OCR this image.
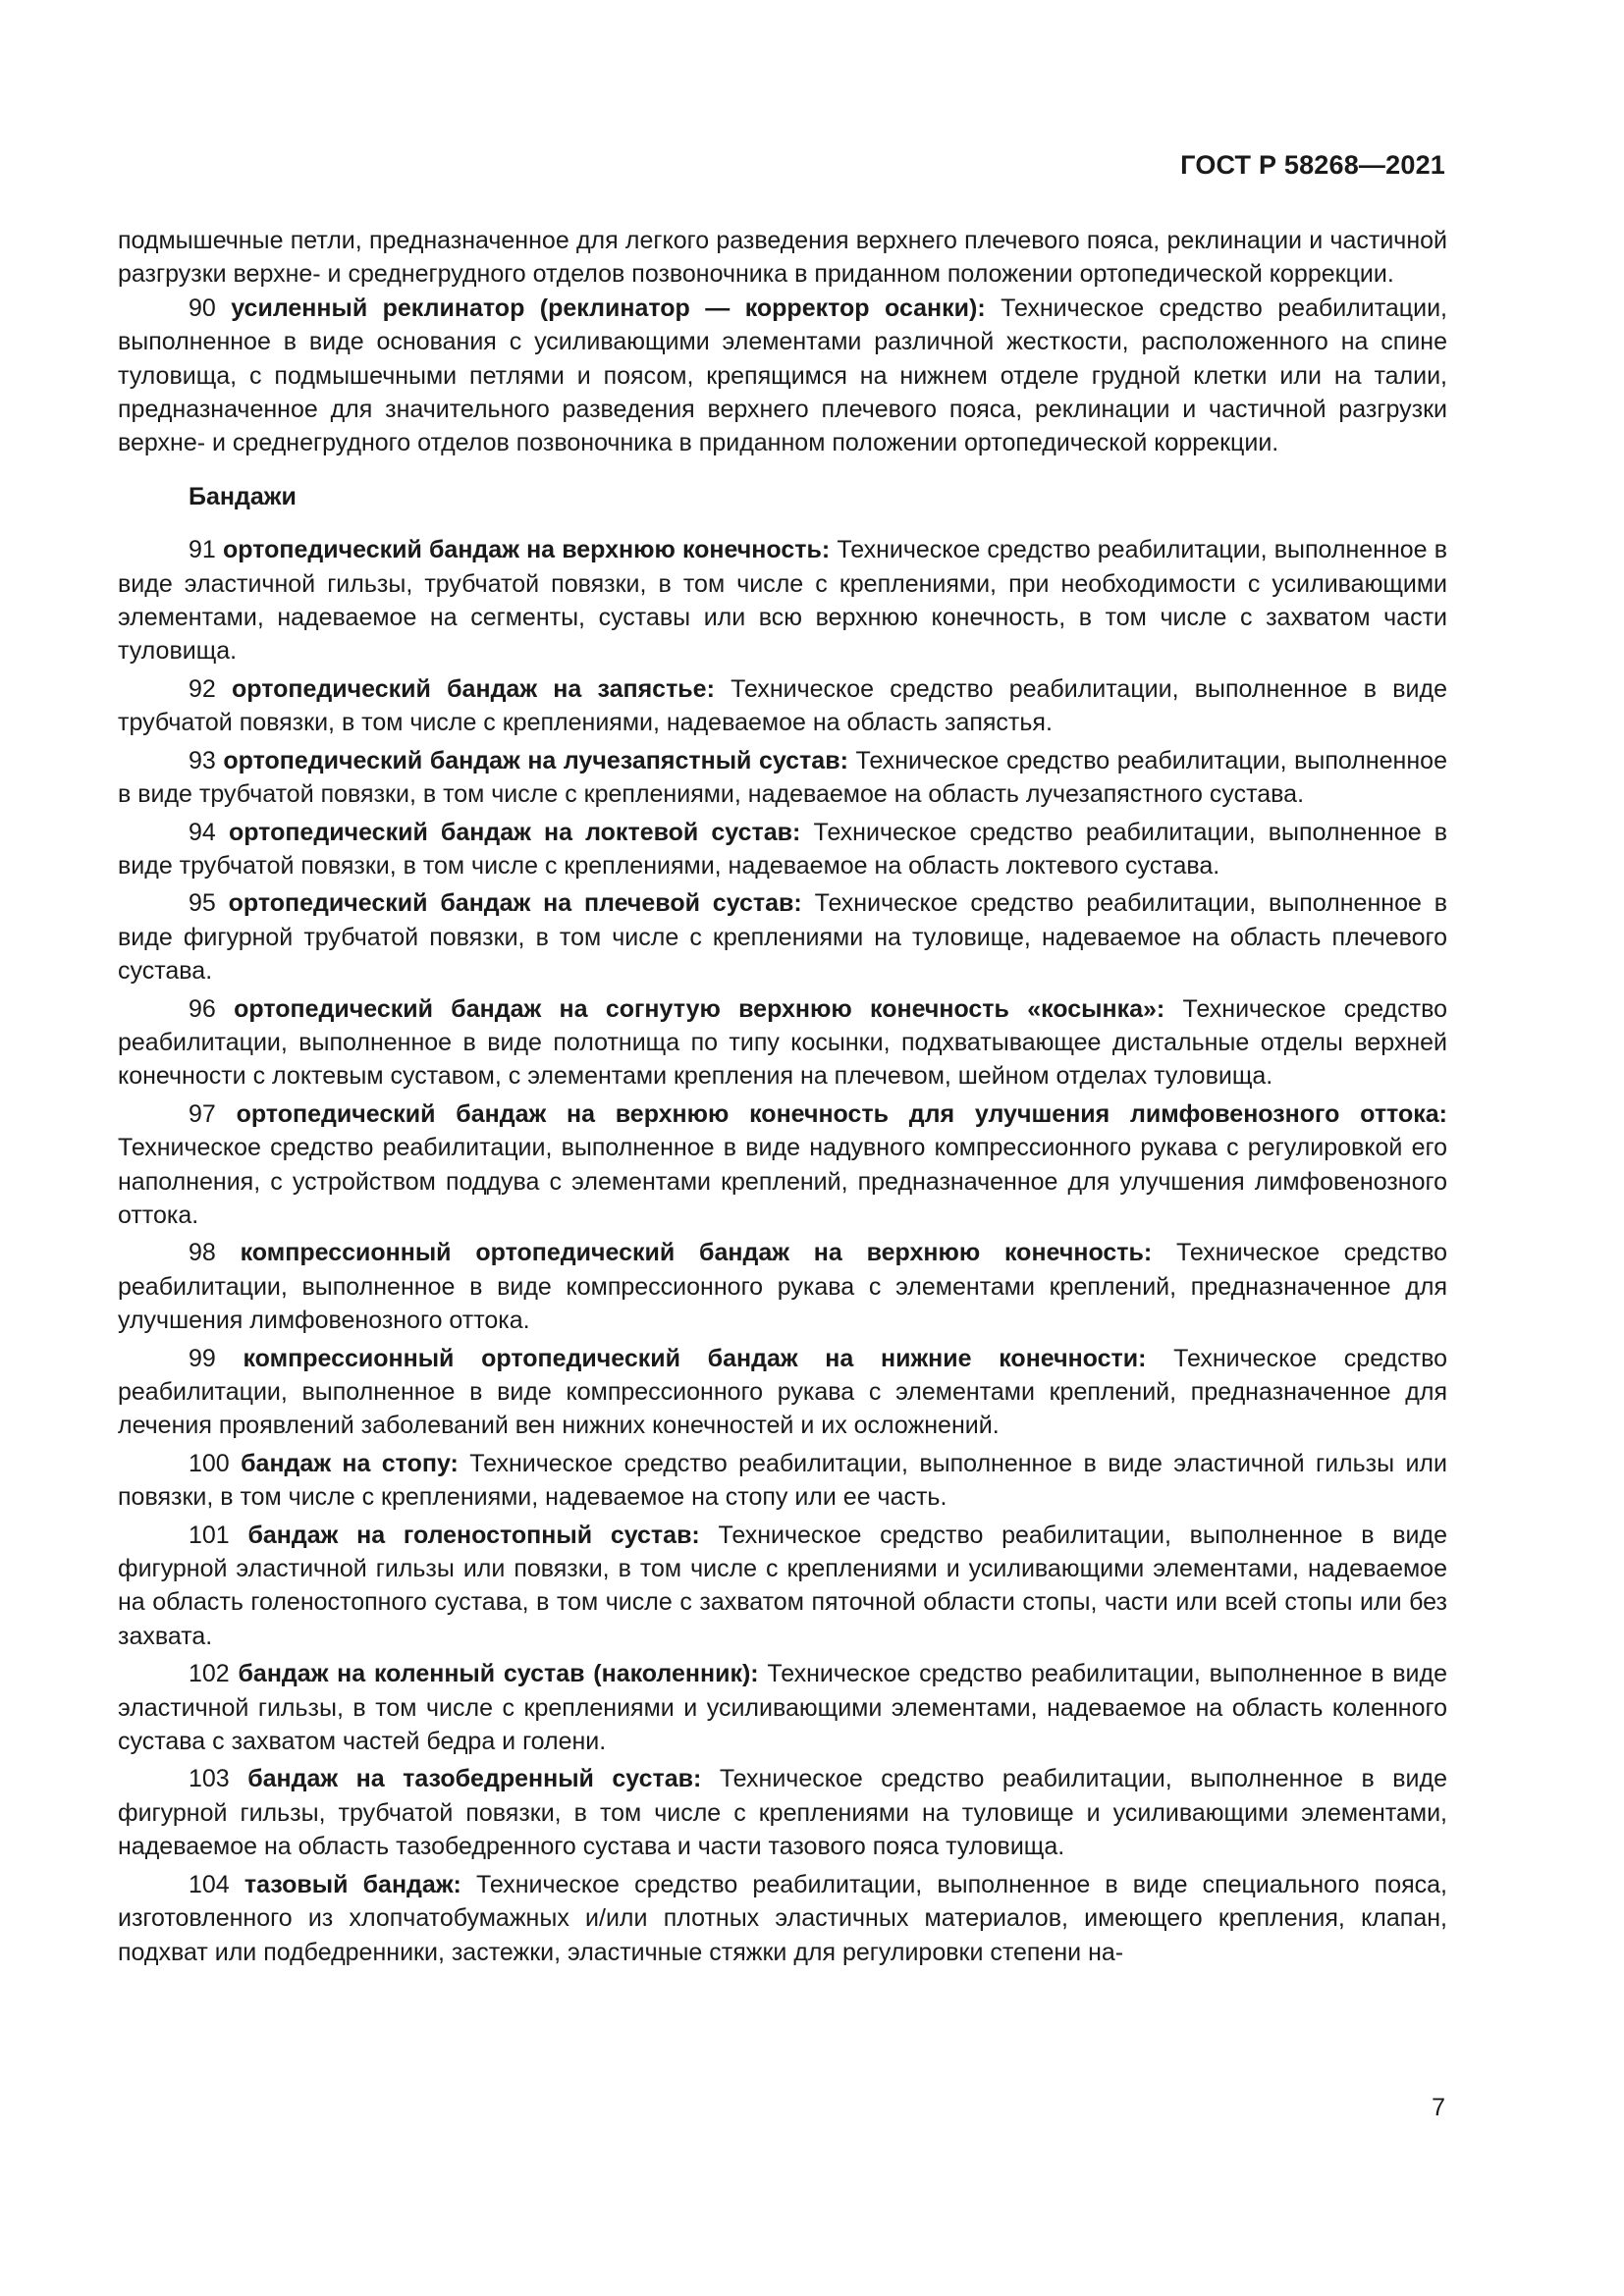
ГОСТ Р 58268—2021

подмышечные петли, предназначенное для легкого разведения верхнего плечевого пояса, реклинации и частичной разгрузки верхне- и среднегрудного отделов позвоночника в приданном положении ортопедической коррекции.

90 усиленный реклинатор (реклинатор — корректор осанки): Техническое средство реабилитации, выполненное в виде основания с усиливающими элементами различной жесткости, расположенного на спине туловища, с подмышечными петлями и поясом, крепящимся на нижнем отделе грудной клетки или на талии, предназначенное для значительного разведения верхнего плечевого пояса, реклинации и частичной разгрузки верхне- и среднегрудного отделов позвоночника в приданном положении ортопедической коррекции.

Бандажи

91 ортопедический бандаж на верхнюю конечность: Техническое средство реабилитации, выполненное в виде эластичной гильзы, трубчатой повязки, в том числе с креплениями, при необходимости с усиливающими элементами, надеваемое на сегменты, суставы или всю верхнюю конечность, в том числе с захватом части туловища.

92 ортопедический бандаж на запястье: Техническое средство реабилитации, выполненное в виде трубчатой повязки, в том числе с креплениями, надеваемое на область запястья.

93 ортопедический бандаж на лучезапястный сустав: Техническое средство реабилитации, выполненное в виде трубчатой повязки, в том числе с креплениями, надеваемое на область лучезапястного сустава.

94 ортопедический бандаж на локтевой сустав: Техническое средство реабилитации, выполненное в виде трубчатой повязки, в том числе с креплениями, надеваемое на область локтевого сустава.

95 ортопедический бандаж на плечевой сустав: Техническое средство реабилитации, выполненное в виде фигурной трубчатой повязки, в том числе с креплениями на туловище, надеваемое на область плечевого сустава.

96 ортопедический бандаж на согнутую верхнюю конечность «косынка»: Техническое средство реабилитации, выполненное в виде полотнища по типу косынки, подхватывающее дистальные отделы верхней конечности с локтевым суставом, с элементами крепления на плечевом, шейном отделах туловища.

97 ортопедический бандаж на верхнюю конечность для улучшения лимфовенозного оттока: Техническое средство реабилитации, выполненное в виде надувного компрессионного рукава с регулировкой его наполнения, с устройством поддува с элементами креплений, предназначенное для улучшения лимфовенозного оттока.

98 компрессионный ортопедический бандаж на верхнюю конечность: Техническое средство реабилитации, выполненное в виде компрессионного рукава с элементами креплений, предназначенное для улучшения лимфовенозного оттока.

99 компрессионный ортопедический бандаж на нижние конечности: Техническое средство реабилитации, выполненное в виде компрессионного рукава с элементами креплений, предназначенное для лечения проявлений заболеваний вен нижних конечностей и их осложнений.

100 бандаж на стопу: Техническое средство реабилитации, выполненное в виде эластичной гильзы или повязки, в том числе с креплениями, надеваемое на стопу или ее часть.

101 бандаж на голеностопный сустав: Техническое средство реабилитации, выполненное в виде фигурной эластичной гильзы или повязки, в том числе с креплениями и усиливающими элементами, надеваемое на область голеностопного сустава, в том числе с захватом пяточной области стопы, части или всей стопы или без захвата.

102 бандаж на коленный сустав (наколенник): Техническое средство реабилитации, выполненное в виде эластичной гильзы, в том числе с креплениями и усиливающими элементами, надеваемое на область коленного сустава с захватом частей бедра и голени.

103 бандаж на тазобедренный сустав: Техническое средство реабилитации, выполненное в виде фигурной гильзы, трубчатой повязки, в том числе с креплениями на туловище и усиливающими элементами, надеваемое на область тазобедренного сустава и части тазового пояса туловища.

104 тазовый бандаж: Техническое средство реабилитации, выполненное в виде специального пояса, изготовленного из хлопчатобумажных и/или плотных эластичных материалов, имеющего крепления, клапан, подхват или подбедренники, застежки, эластичные стяжки для регулировки степени на-

7
